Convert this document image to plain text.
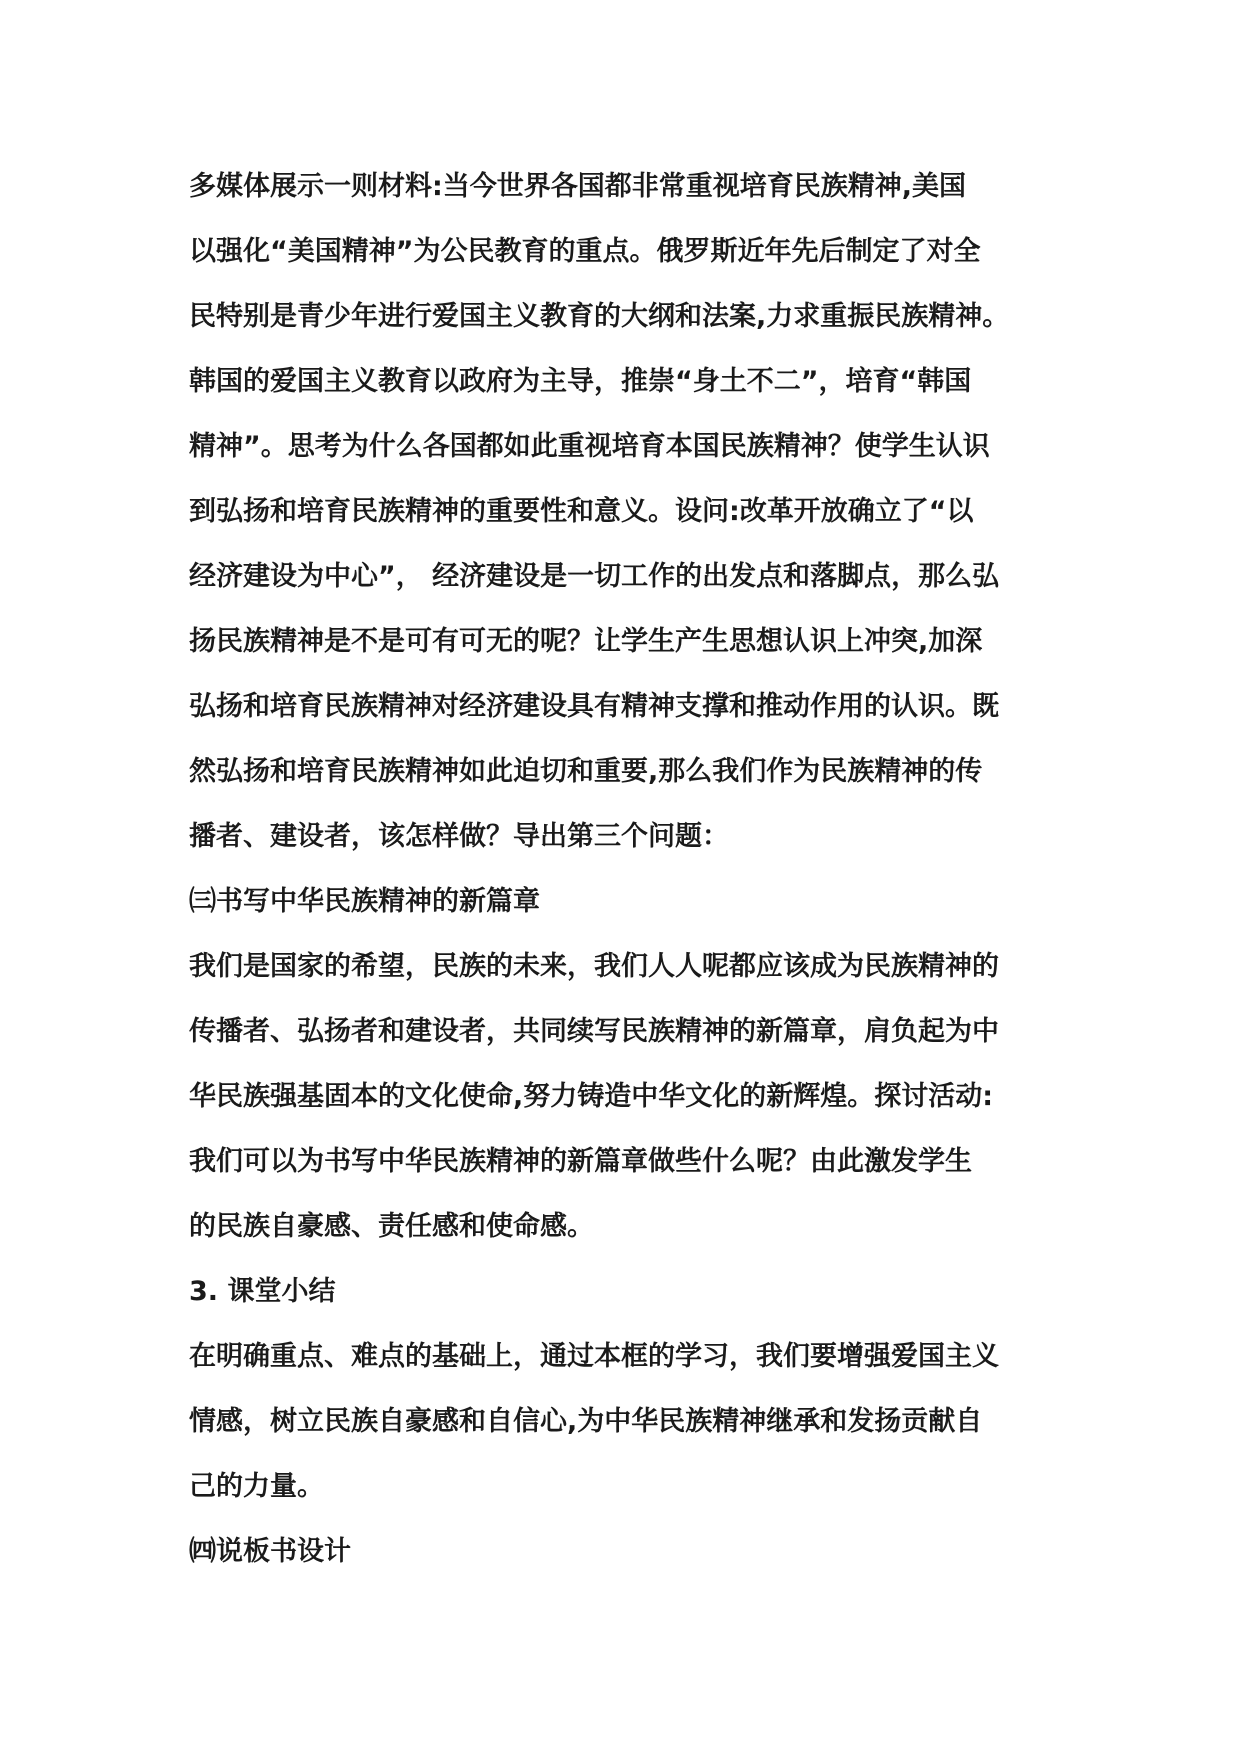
多媒体展示一则材料:当今世界各国都非常重视培育民族精神,美国
以强化“美国精神”为公民教育的重点。俄罗斯近年先后制定了对全
民特别是青少年进行爱国主义教育的大纲和法案,力求重振民族精神。
韩国的爱国主义教育以政府为主导，推崇“身土不二”，培育“韩国
精神”。思考为什么各国都如此重视培育本国民族精神？使学生认识
到弘扬和培育民族精神的重要性和意义。设问:改革开放确立了“以
经济建设为中心”， 经济建设是一切工作的出发点和落脚点，那么弘
扬民族精神是不是可有可无的呢？让学生产生思想认识上冲突,加深
弘扬和培育民族精神对经济建设具有精神支撑和推动作用的认识。既
然弘扬和培育民族精神如此迫切和重要,那么我们作为民族精神的传
播者、建设者，该怎样做？导出第三个问题：
㈢书写中华民族精神的新篇章
我们是国家的希望，民族的未来，我们人人呢都应该成为民族精神的
传播者、弘扬者和建设者，共同续写民族精神的新篇章，肩负起为中
华民族强基固本的文化使命,努力铸造中华文化的新辉煌。探讨活动:
我们可以为书写中华民族精神的新篇章做些什么呢？由此激发学生
的民族自豪感、责任感和使命感。
3. 课堂小结
在明确重点、难点的基础上，通过本框的学习，我们要增强爱国主义
情感，树立民族自豪感和自信心,为中华民族精神继承和发扬贡献自
己的力量。
㈣说板书设计
